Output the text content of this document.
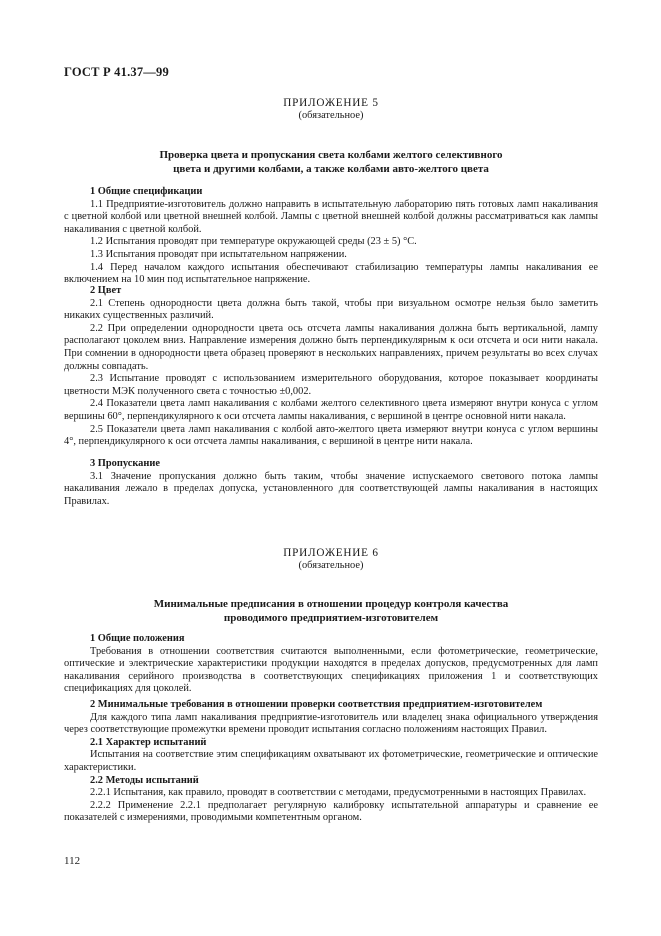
ГОСТ Р 41.37—99
ПРИЛОЖЕНИЕ 5
(обязательное)
Проверка цвета и пропускания света колбами желтого селективного
цвета и другими колбами, а также колбами авто-желтого цвета
1 Общие спецификации
1.1 Предприятие-изготовитель должно направить в испытательную лабораторию пять готовых ламп накаливания с цветной колбой или цветной внешней колбой. Лампы с цветной внешней колбой должны рассматриваться как лампы накаливания с цветной колбой.
1.2 Испытания проводят при температуре окружающей среды (23 ± 5) °С.
1.3 Испытания проводят при испытательном напряжении.
1.4 Перед началом каждого испытания обеспечивают стабилизацию температуры лампы накаливания ее включением на 10 мин под испытательное напряжение.
2 Цвет
2.1 Степень однородности цвета должна быть такой, чтобы при визуальном осмотре нельзя было заметить никаких существенных различий.
2.2 При определении однородности цвета ось отсчета лампы накаливания должна быть вертикальной, лампу располагают цоколем вниз. Направление измерения должно быть перпендикулярным к оси отсчета и оси нити накала. При сомнении в однородности цвета образец проверяют в нескольких направлениях, причем результаты во всех случах должны совпадать.
2.3 Испытание проводят с использованием измерительного оборудования, которое показывает координаты цветности МЭК полученного света с точностью ±0,002.
2.4 Показатели цвета ламп накаливания с колбами желтого селективного цвета измеряют внутри конуса с углом вершины 60°, перпендикулярного к оси отсчета лампы накаливания, с вершиной в центре основной нити накала.
2.5 Показатели цвета ламп накаливания с колбой авто-желтого цвета измеряют внутри конуса с углом вершины 4°, перпендикулярного к оси отсчета лампы накаливания, с вершиной в центре нити накала.
3 Пропускание
3.1 Значение пропускания должно быть таким, чтобы значение испускаемого светового потока лампы накаливания лежало в пределах допуска, установленного для соответствующей лампы накаливания в настоящих Правилах.
ПРИЛОЖЕНИЕ 6
(обязательное)
Минимальные предписания в отношении процедур контроля качества
проводимого предприятием-изготовителем
1 Общие положения
Требования в отношении соответствия считаются выполненными, если фотометрические, геометрические, оптические и электрические характеристики продукции находятся в пределах допусков, предусмотренных для ламп накаливания серийного производства в соответствующих спецификациях приложения 1 и соответствующих спецификациях для цоколей.
2 Минимальные требования в отношении проверки соответствия предприятием-изготовителем
Для каждого типа ламп накаливания предприятие-изготовитель или владелец знака официального утверждения через соответствующие промежутки времени проводит испытания согласно положениям настоящих Правил.
2.1 Характер испытаний
Испытания на соответствие этим спецификациям охватывают их фотометрические, геометрические и оптические характеристики.
2.2 Методы испытаний
2.2.1 Испытания, как правило, проводят в соответствии с методами, предусмотренными в настоящих Правилах.
2.2.2 Применение 2.2.1 предполагает регулярную калибровку испытательной аппаратуры и сравнение ее показателей с измерениями, проводимыми компетентным органом.
112
